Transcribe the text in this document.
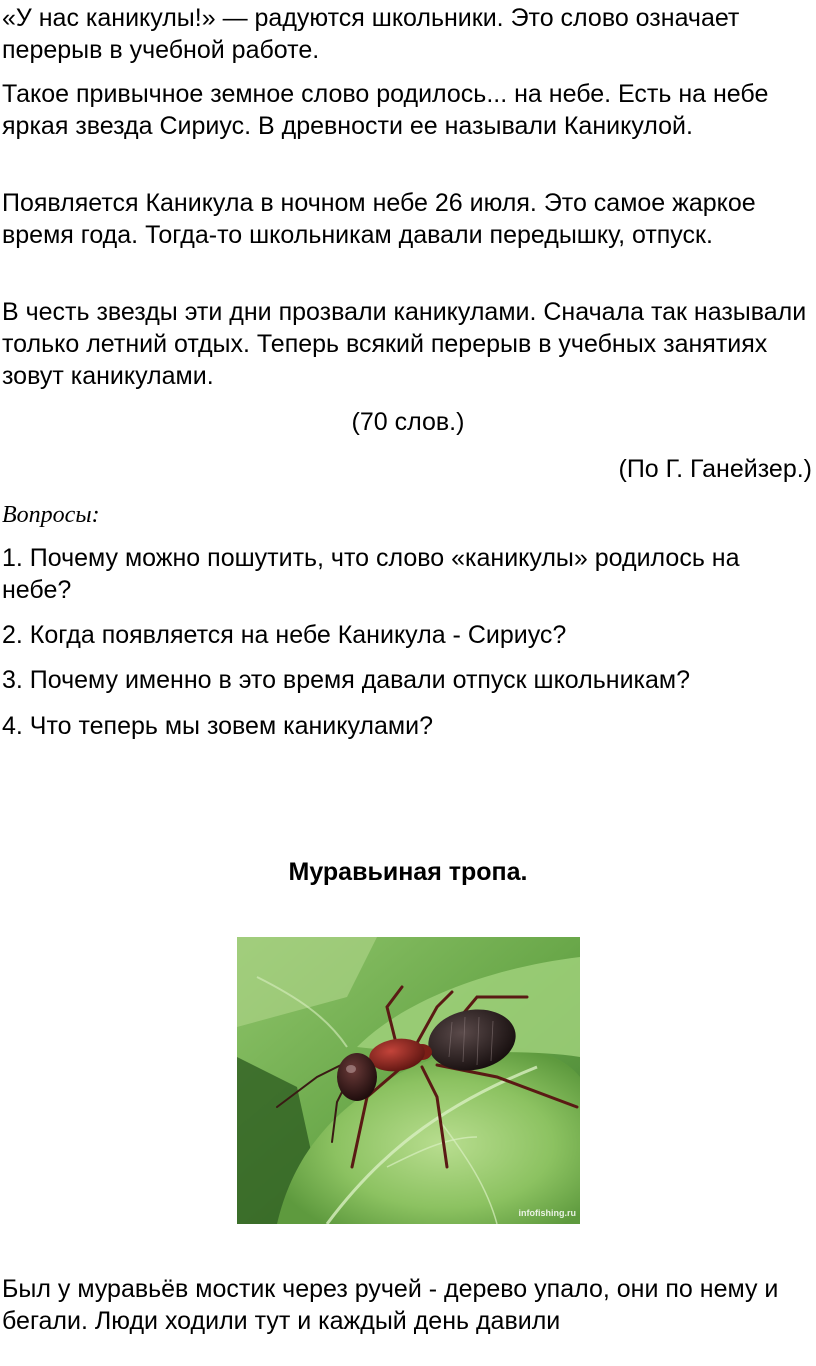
«У нас каникулы!» — радуются школьники. Это слово означает перерыв в учебной работе.

Такое привычное земное слово родилось... на небе. Есть на небе яркая звезда Сириус. В древности ее называли Каникулой.

Появляется Каникула в ночном небе 26 июля. Это самое жаркое время года. Тогда-то школьникам давали передышку, отпуск.

В честь звезды эти дни прозвали каникулами. Сначала так называли только летний отдых. Теперь всякий перерыв в учебных занятиях зовут каникулами.

(70 слов.)

(По Г. Ганейзер.)

Вопросы:

1. Почему можно пошутить, что слово «каникулы» родилось на небе?

2. Когда появляется на небе Каникула - Сириус?

3. Почему именно в это время давали отпуск школьникам?

4. Что теперь мы зовем каникулами?

Муравьиная тропа.

infofishing.ru

Был у муравьёв мостик через ручей - дерево упало, они по нему и бегали. Люди ходили тут и каждый день давили
